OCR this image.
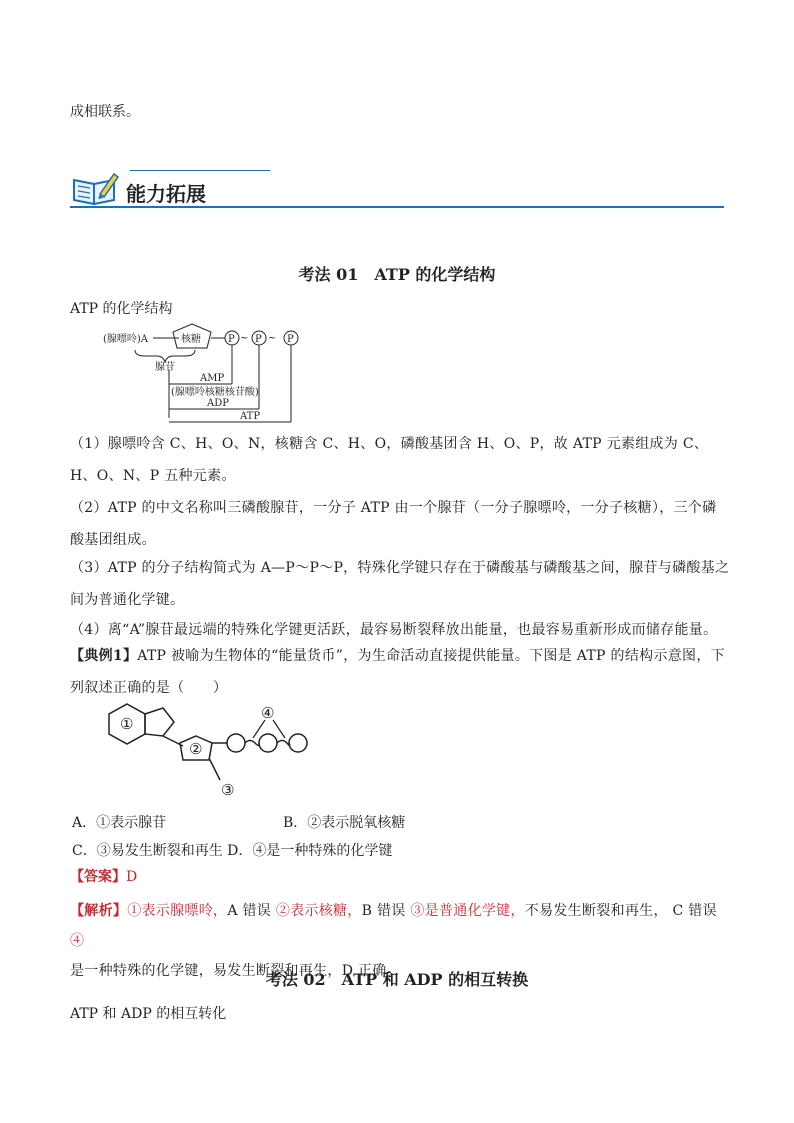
成相联系。
能力拓展
考法 01　ATP 的化学结构
ATP 的化学结构
(腺嘌呤)A	核糖	P ~ P ~ P
腺苷
AMP
(腺嘌呤核糖核苷酸)
ADP
ATP
（1）腺嘌呤含 C、H、O、N，核糖含 C、H、O，磷酸基团含 H、O、P，故 ATP 元素组成为 C、H、O、N、P 五种元素。
（2）ATP 的中文名称叫三磷酸腺苷，一分子 ATP 由一个腺苷（一分子腺嘌呤，一分子核糖），三个磷酸基团组成。
（3）ATP 的分子结构简式为 A—P～P～P，特殊化学键只存在于磷酸基与磷酸基之间，腺苷与磷酸基之间为普通化学键。
（4）离“A”腺苷最远端的特殊化学键更活跃，最容易断裂释放出能量，也最容易重新形成而储存能量。
【典例1】ATP 被喻为生物体的“能量货币”，为生命活动直接提供能量。下图是 ATP 的结构示意图，下列叙述正确的是（　　）
①
②
③
④
A．①表示腺苷	B．②表示脱氧核糖
C．③易发生断裂和再生 D．④是一种特殊的化学键
【答案】D
【解析】①表示腺嘌呤，A 错误 ②表示核糖，B 错误 ③是普通化学键，不易发生断裂和再生， C 错误 ④
是一种特殊的化学键，易发生断裂和再生，D 正确。
考法 02　ATP 和 ADP 的相互转换
ATP 和 ADP 的相互转化
